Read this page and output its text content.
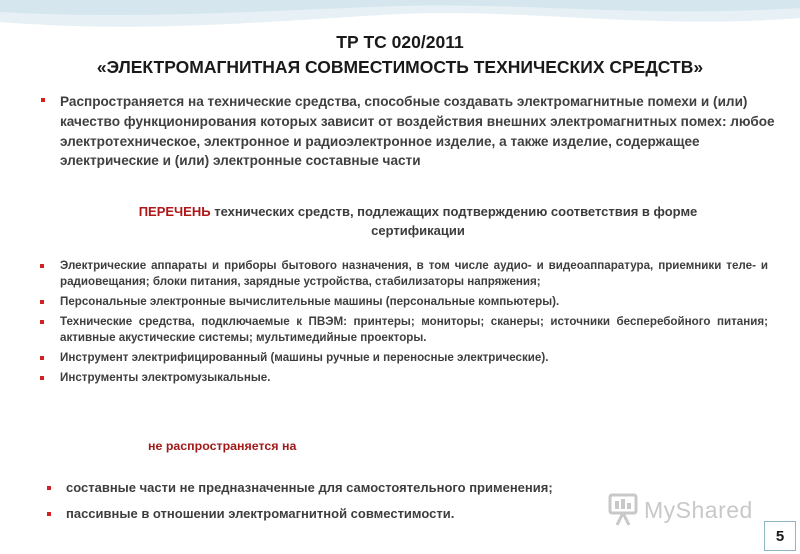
ТР ТС 020/2011
«ЭЛЕКТРОМАГНИТНАЯ СОВМЕСТИМОСТЬ ТЕХНИЧЕСКИХ СРЕДСТВ»
Распространяется на технические средства, способные создавать электромагнитные помехи и (или) качество функционирования которых зависит от воздействия внешних электромагнитных помех: любое электротехническое, электронное и радиоэлектронное изделие, а также изделие, содержащее электрические и (или) электронные составные части
ПЕРЕЧЕНЬ технических средств, подлежащих подтверждению соответствия в форме сертификации
Электрические аппараты и приборы бытового назначения, в том числе аудио- и видеоаппаратура, приемники теле- и радиовещания; блоки питания, зарядные устройства, стабилизаторы напряжения;
Персональные электронные вычислительные машины (персональные компьютеры).
Технические средства, подключаемые к ПВЭМ: принтеры; мониторы; сканеры; источники бесперебойного питания; активные акустические системы; мультимедийные проекторы.
Инструмент электрифицированный (машины ручные и переносные электрические).
Инструменты электромузыкальные.
не распространяется на
составные части не предназначенные для самостоятельного применения;
пассивные в отношении электромагнитной совместимости.	MyShared
5
